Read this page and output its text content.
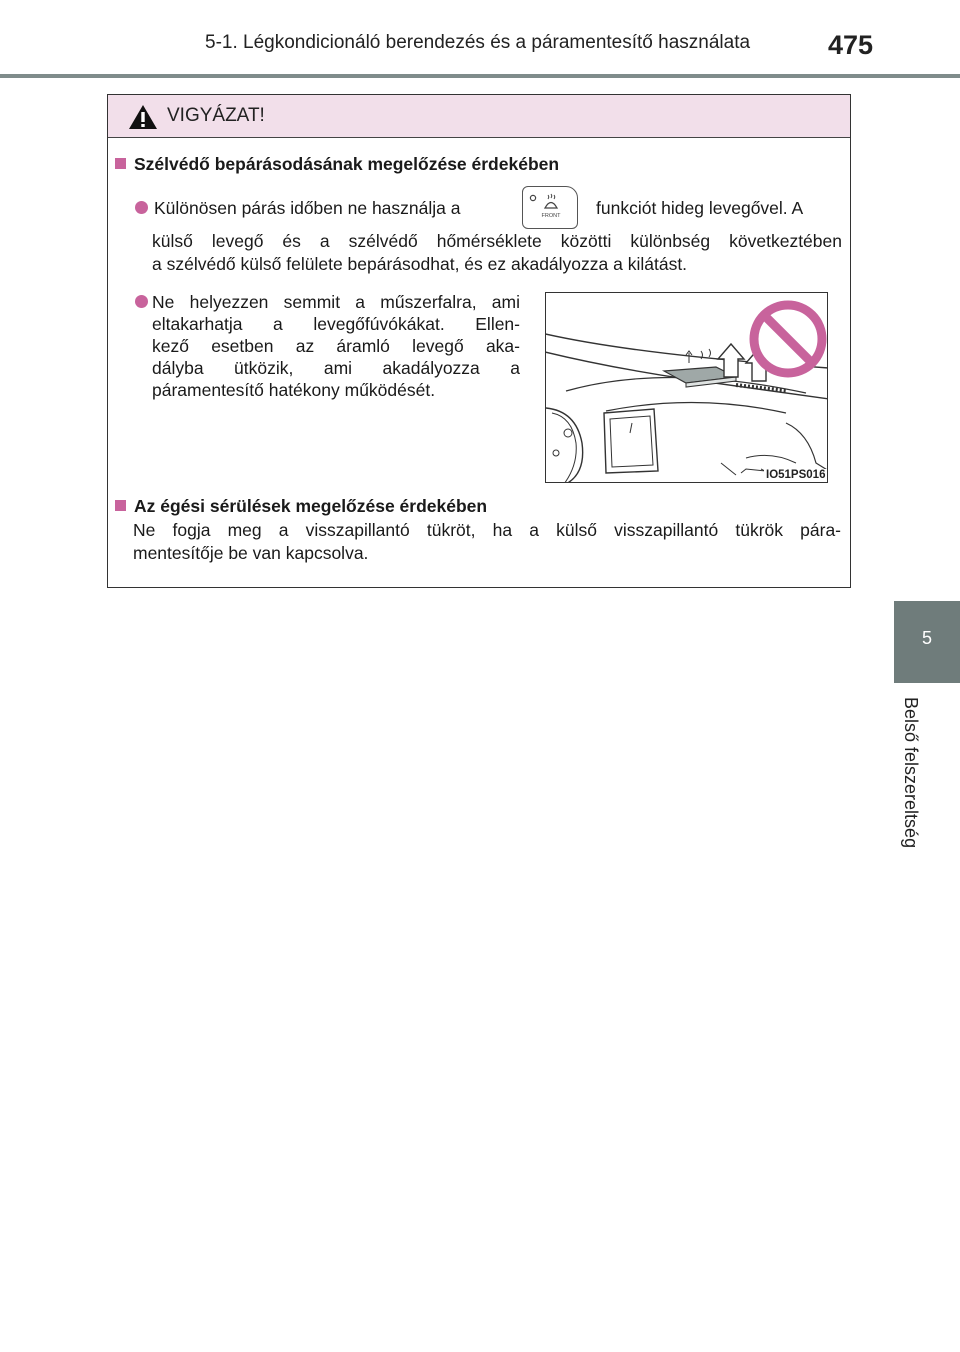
5-1. Légkondicionáló berendezés és a páramentesítő használata	475
5
Belső felszereltség
VIGYÁZAT!
Szélvédő bepárásodásának megelőzése érdekében
Különösen párás időben ne használja a	FRONT funkciót hideg levegővel. A
külső levegő és a szélvédő hőmérséklete közötti különbség következtében
a szélvédő külső felülete bepárásodhat, és ez akadályozza a kilátást.
Ne helyezzen semmit a műszerfalra, ami
eltakarhatja a levegőfúvókákat. Ellen-
kező esetben az áramló levegő aka-
dályba ütközik, ami akadályozza a
páramentesítő hatékony működését.
IO51PS016
Az égési sérülések megelőzése érdekében
Ne fogja meg a visszapillantó tükröt, ha a külső visszapillantó tükrök pára-
mentesítője be van kapcsolva.
